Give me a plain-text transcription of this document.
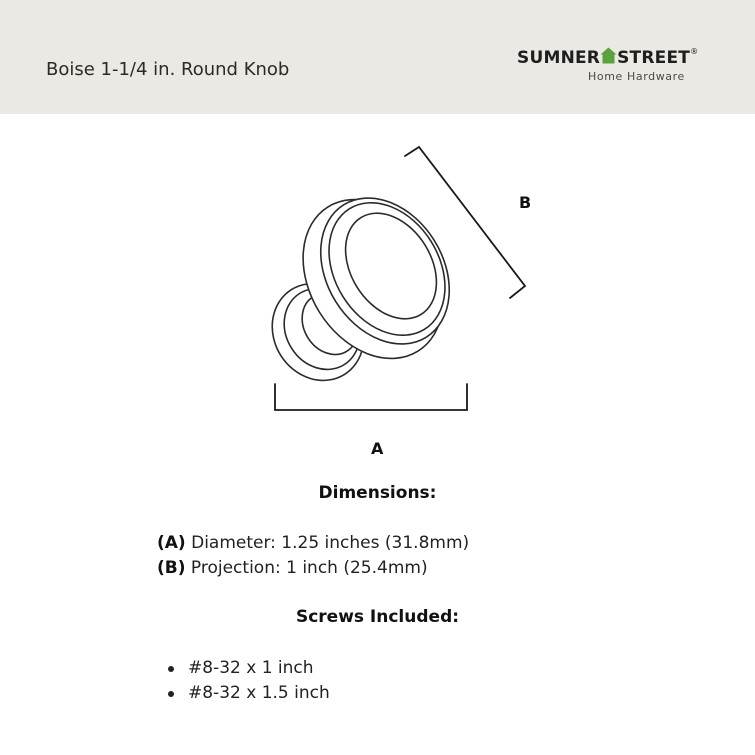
Boise 1-1/4 in. Round Knob
SUMNER STREET®
Home Hardware
A
B
Dimensions:
(A) Diameter: 1.25 inches (31.8mm)
(B) Projection: 1 inch (25.4mm)
Screws Included:
#8-32 x 1 inch
#8-32 x 1.5 inch
